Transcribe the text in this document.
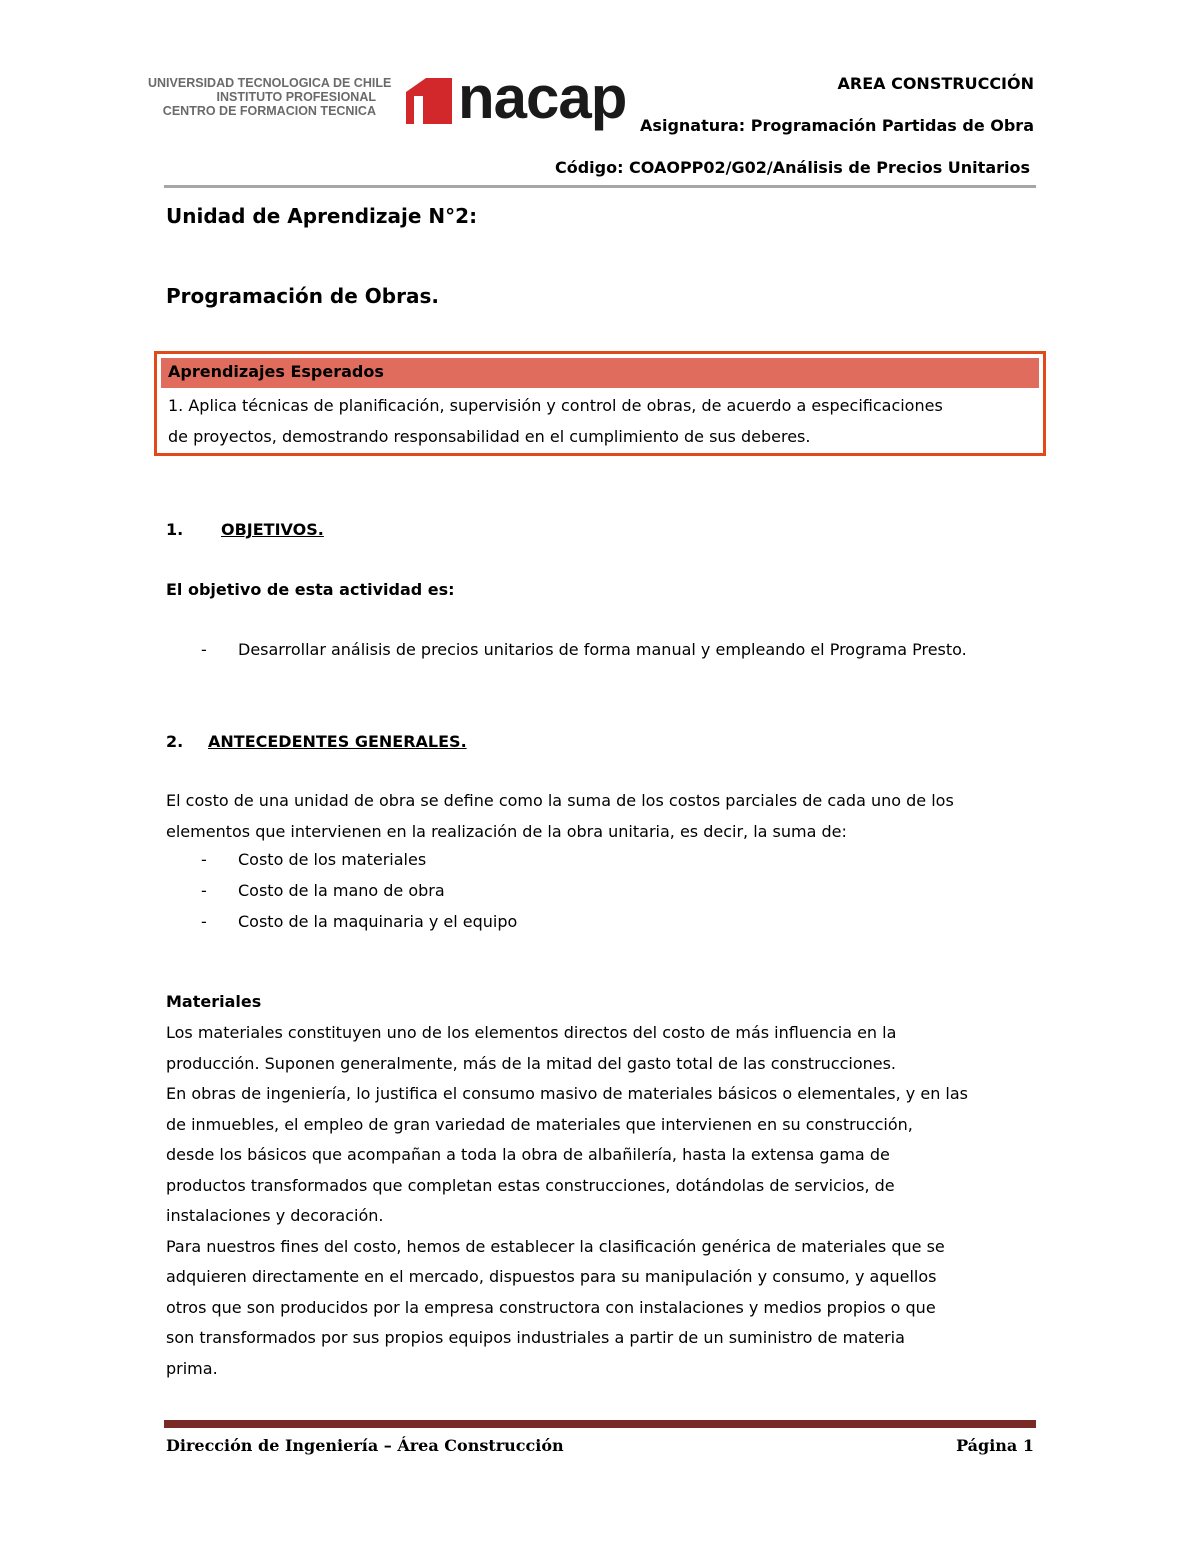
UNIVERSIDAD TECNOLOGICA DE CHILE
INSTITUTO PROFESIONAL
CENTRO DE FORMACION TECNICA nacap	AREA CONSTRUCCIÓN
Asignatura: Programación Partidas de Obra
Código: COAOPP02/G02/Análisis de Precios Unitarios
Unidad de Aprendizaje N°2:
Programación de Obras.
Aprendizajes Esperados
1. Aplica técnicas de planificación, supervisión y control de obras, de acuerdo a especificaciones
de proyectos, demostrando responsabilidad en el cumplimiento de sus deberes.
1. OBJETIVOS.
El objetivo de esta actividad es:
- Desarrollar análisis de precios unitarios de forma manual y empleando el Programa Presto.
2. ANTECEDENTES GENERALES.
El costo de una unidad de obra se define como la suma de los costos parciales de cada uno de los
elementos que intervienen en la realización de la obra unitaria, es decir, la suma de:
- Costo de los materiales
- Costo de la mano de obra
- Costo de la maquinaria y el equipo
Materiales
Los materiales constituyen uno de los elementos directos del costo de más influencia en la
producción. Suponen generalmente, más de la mitad del gasto total de las construcciones.
En obras de ingeniería, lo justifica el consumo masivo de materiales básicos o elementales, y en las
de inmuebles, el empleo de gran variedad de materiales que intervienen en su construcción,
desde los básicos que acompañan a toda la obra de albañilería, hasta la extensa gama de
productos transformados que completan estas construcciones, dotándolas de servicios, de
instalaciones y decoración.
Para nuestros fines del costo, hemos de establecer la clasificación genérica de materiales que se
adquieren directamente en el mercado, dispuestos para su manipulación y consumo, y aquellos
otros que son producidos por la empresa constructora con instalaciones y medios propios o que
son transformados por sus propios equipos industriales a partir de un suministro de materia
prima.
Dirección de Ingeniería – Área Construcción	Página 1
